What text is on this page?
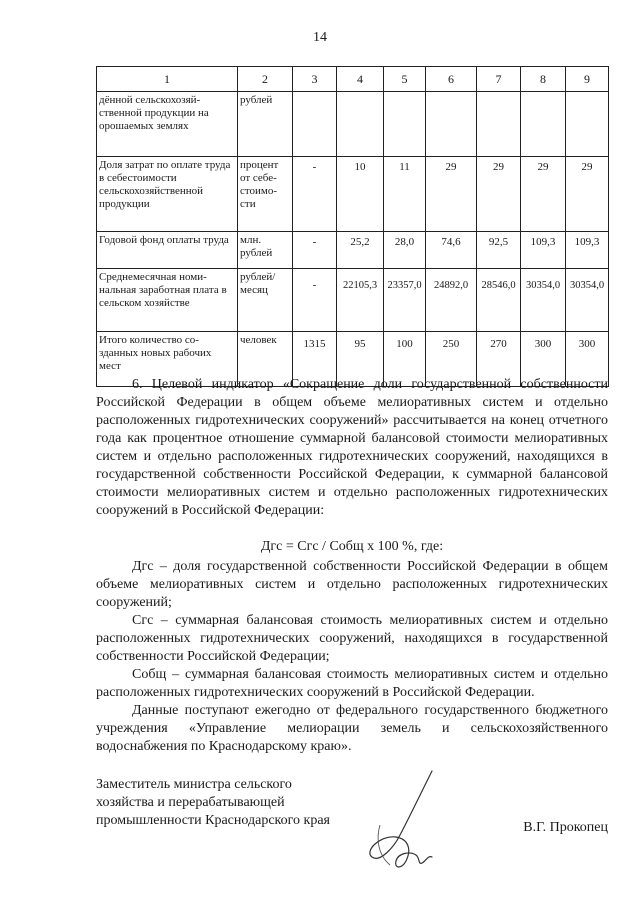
14
1	2	3	4	5	6	7	8	9
дённой сельскохозяй-ственной продукции на орошаемых землях	рублей							
Доля затрат по оплате труда в себестоимости сельскохозяйственной продукции	процент от себе-стоимо-сти	-	10	11	29	29	29	29
Годовой фонд оплаты труда	млн. рублей	-	25,2	28,0	74,6	92,5	109,3	109,3
Среднемесячная номи-нальная заработная плата в сельском хозяйстве	рублей/ месяц	-	22105,3	23357,0	24892,0	28546,0	30354,0	30354,0
Итого количество со-зданных новых рабочих мест	человек	1315	95	100	250	270	300	300

6. Целевой индикатор «Сокращение доли государственной собственности Российской Федерации в общем объеме мелиоративных систем и отдельно расположенных гидротехнических сооружений» рассчитывается на конец отчетного года как процентное отношение суммарной балансовой стоимости мелиоративных систем и отдельно расположенных гидротехнических сооружений, находящихся в государственной собственности Российской Федерации, к суммарной балансовой стоимости мелиоративных систем и отдельно расположенных гидротехнических сооружений в Российской Федерации:

Дгс = Сгс / Собщ х 100 %, где:

Дгс – доля государственной собственности Российской Федерации в общем объеме мелиоративных систем и отдельно расположенных гидротехнических сооружений;

Сгс – суммарная балансовая стоимость мелиоративных систем и отдельно расположенных гидротехнических сооружений, находящихся в государственной собственности Российской Федерации;

Собщ – суммарная балансовая стоимость мелиоративных систем и отдельно расположенных гидротехнических сооружений в Российской Федерации.

Данные поступают ежегодно от федерального государственного бюджетного учреждения «Управление мелиорации земель и сельскохозяйственного водоснабжения по Краснодарскому краю».

Заместитель министра сельского
хозяйства и перерабатывающей
промышленности Краснодарского края	В.Г. Прокопец
